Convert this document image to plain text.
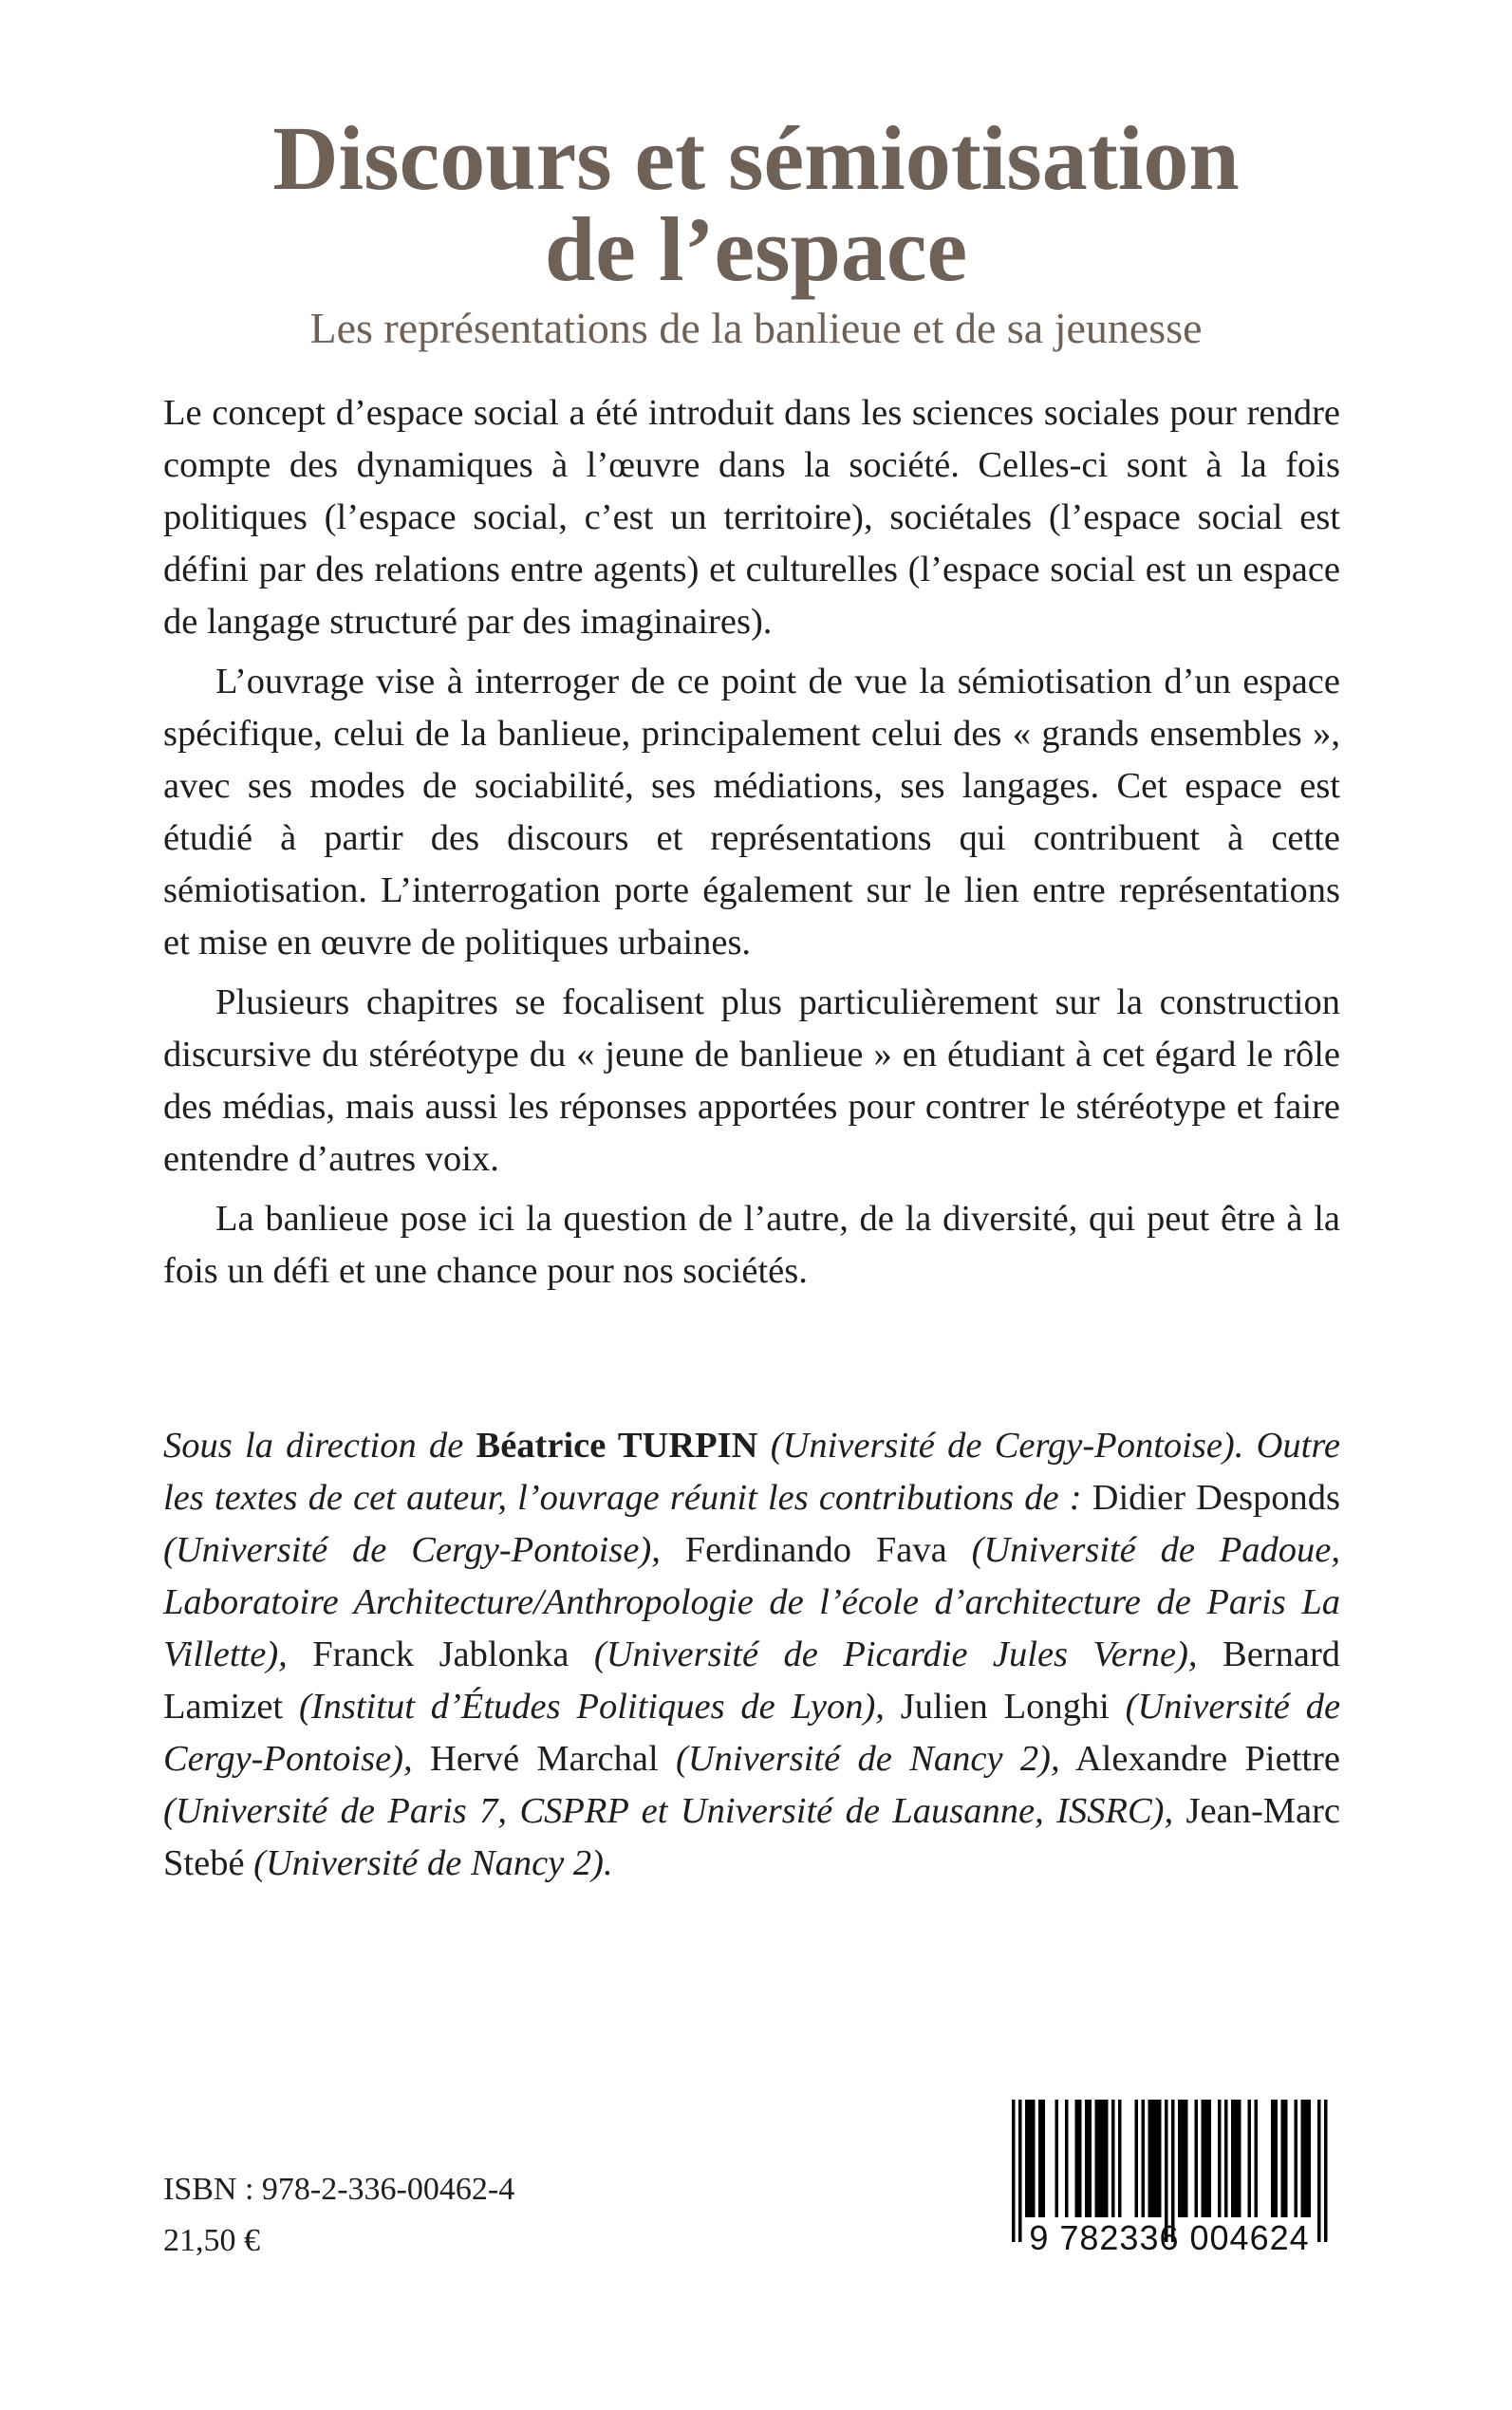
Discours et sémiotisation
de l’espace
Les représentations de la banlieue et de sa jeunesse

Le concept d’espace social a été introduit dans les sciences sociales pour rendre compte des dynamiques à l’œuvre dans la société. Celles-ci sont à la fois politiques (l’espace social, c’est un territoire), sociétales (l’espace social est défini par des relations entre agents) et culturelles (l’espace social est un espace de langage structuré par des imaginaires).

L’ouvrage vise à interroger de ce point de vue la sémiotisation d’un espace spécifique, celui de la banlieue, principalement celui des « grands ensembles », avec ses modes de sociabilité, ses médiations, ses langages. Cet espace est étudié à partir des discours et représentations qui contribuent à cette sémiotisation. L’interrogation porte également sur le lien entre représentations et mise en œuvre de politiques urbaines.

Plusieurs chapitres se focalisent plus particulièrement sur la construction discursive du stéréotype du « jeune de banlieue » en étudiant à cet égard le rôle des médias, mais aussi les réponses apportées pour contrer le stéréotype et faire entendre d’autres voix.

La banlieue pose ici la question de l’autre, de la diversité, qui peut être à la fois un défi et une chance pour nos sociétés.

Sous la direction de Béatrice TURPIN (Université de Cergy-Pontoise). Outre les textes de cet auteur, l’ouvrage réunit les contributions de : Didier Desponds (Université de Cergy-Pontoise), Ferdinando Fava (Université de Padoue, Laboratoire Architecture/Anthropologie de l’école d’architecture de Paris La Villette), Franck Jablonka (Université de Picardie Jules Verne), Bernard Lamizet (Institut d’Études Politiques de Lyon), Julien Longhi (Université de Cergy-Pontoise), Hervé Marchal (Université de Nancy 2), Alexandre Piettre (Université de Paris 7, CSPRP et Université de Lausanne, ISSRC), Jean-Marc Stebé (Université de Nancy 2).

ISBN : 978-2-336-00462-4
21,50 €	9 782336 004624
